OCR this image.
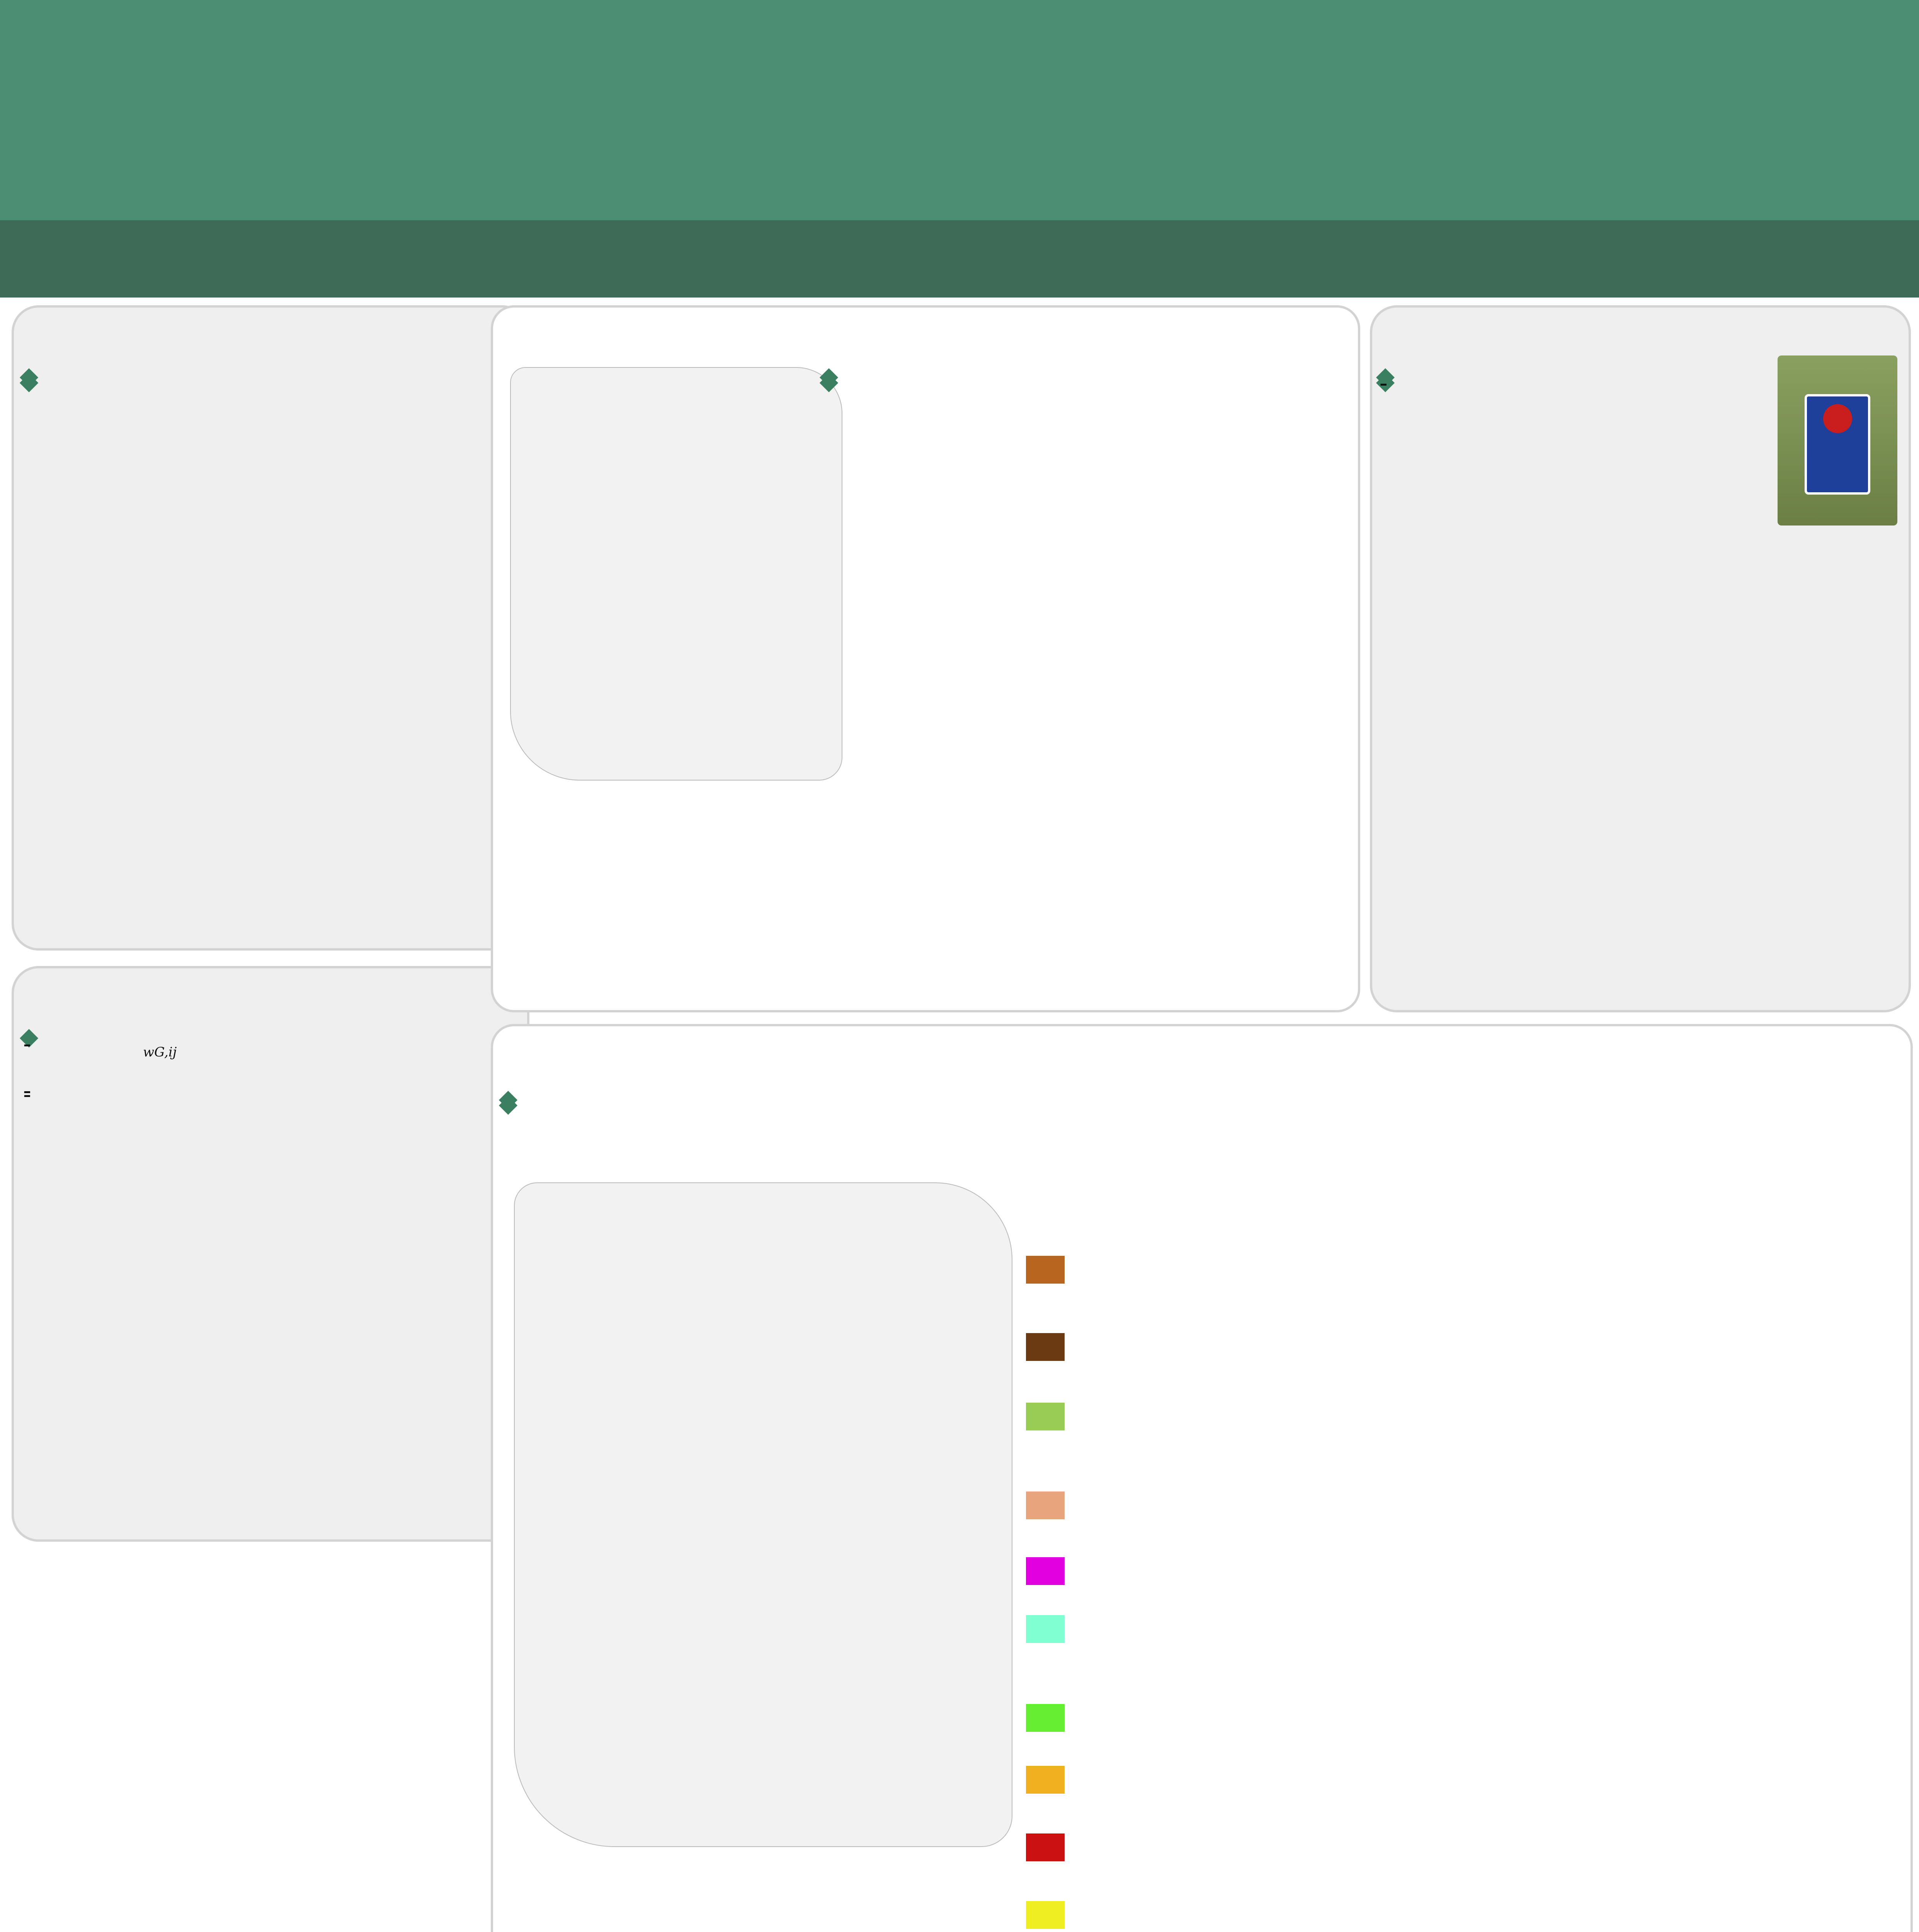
wG,ij
